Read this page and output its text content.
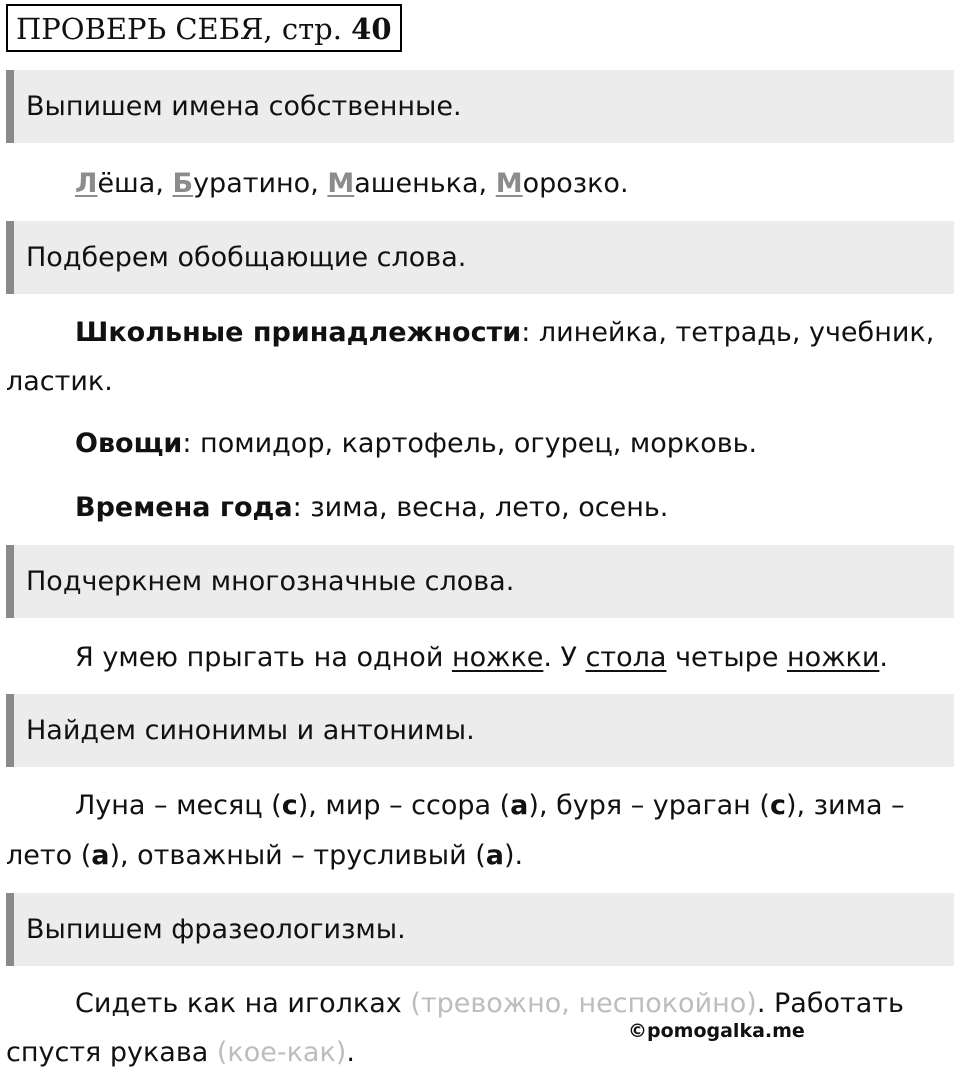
ПРОВЕРЬ СЕБЯ, стр. 40
Выпишем имена собственные.
Лёша, Буратино, Машенька, Морозко.
Подберем обобщающие слова.
Школьные принадлежности: линейка, тетрадь, учебник,
ластик.
Овощи: помидор, картофель, огурец, морковь.
Времена года: зима, весна, лето, осень.
Подчеркнем многозначные слова.
Я умею прыгать на одной ножке. У стола четыре ножки.
Найдем синонимы и антонимы.
Луна – месяц (с), мир – ссора (а), буря – ураган (с), зима –
лето (а), отважный – трусливый (а).
Выпишем фразеологизмы.
Сидеть как на иголках (тревожно, неспокойно). Работать
спустя рукава (кое-как).
©pomogalka.me
